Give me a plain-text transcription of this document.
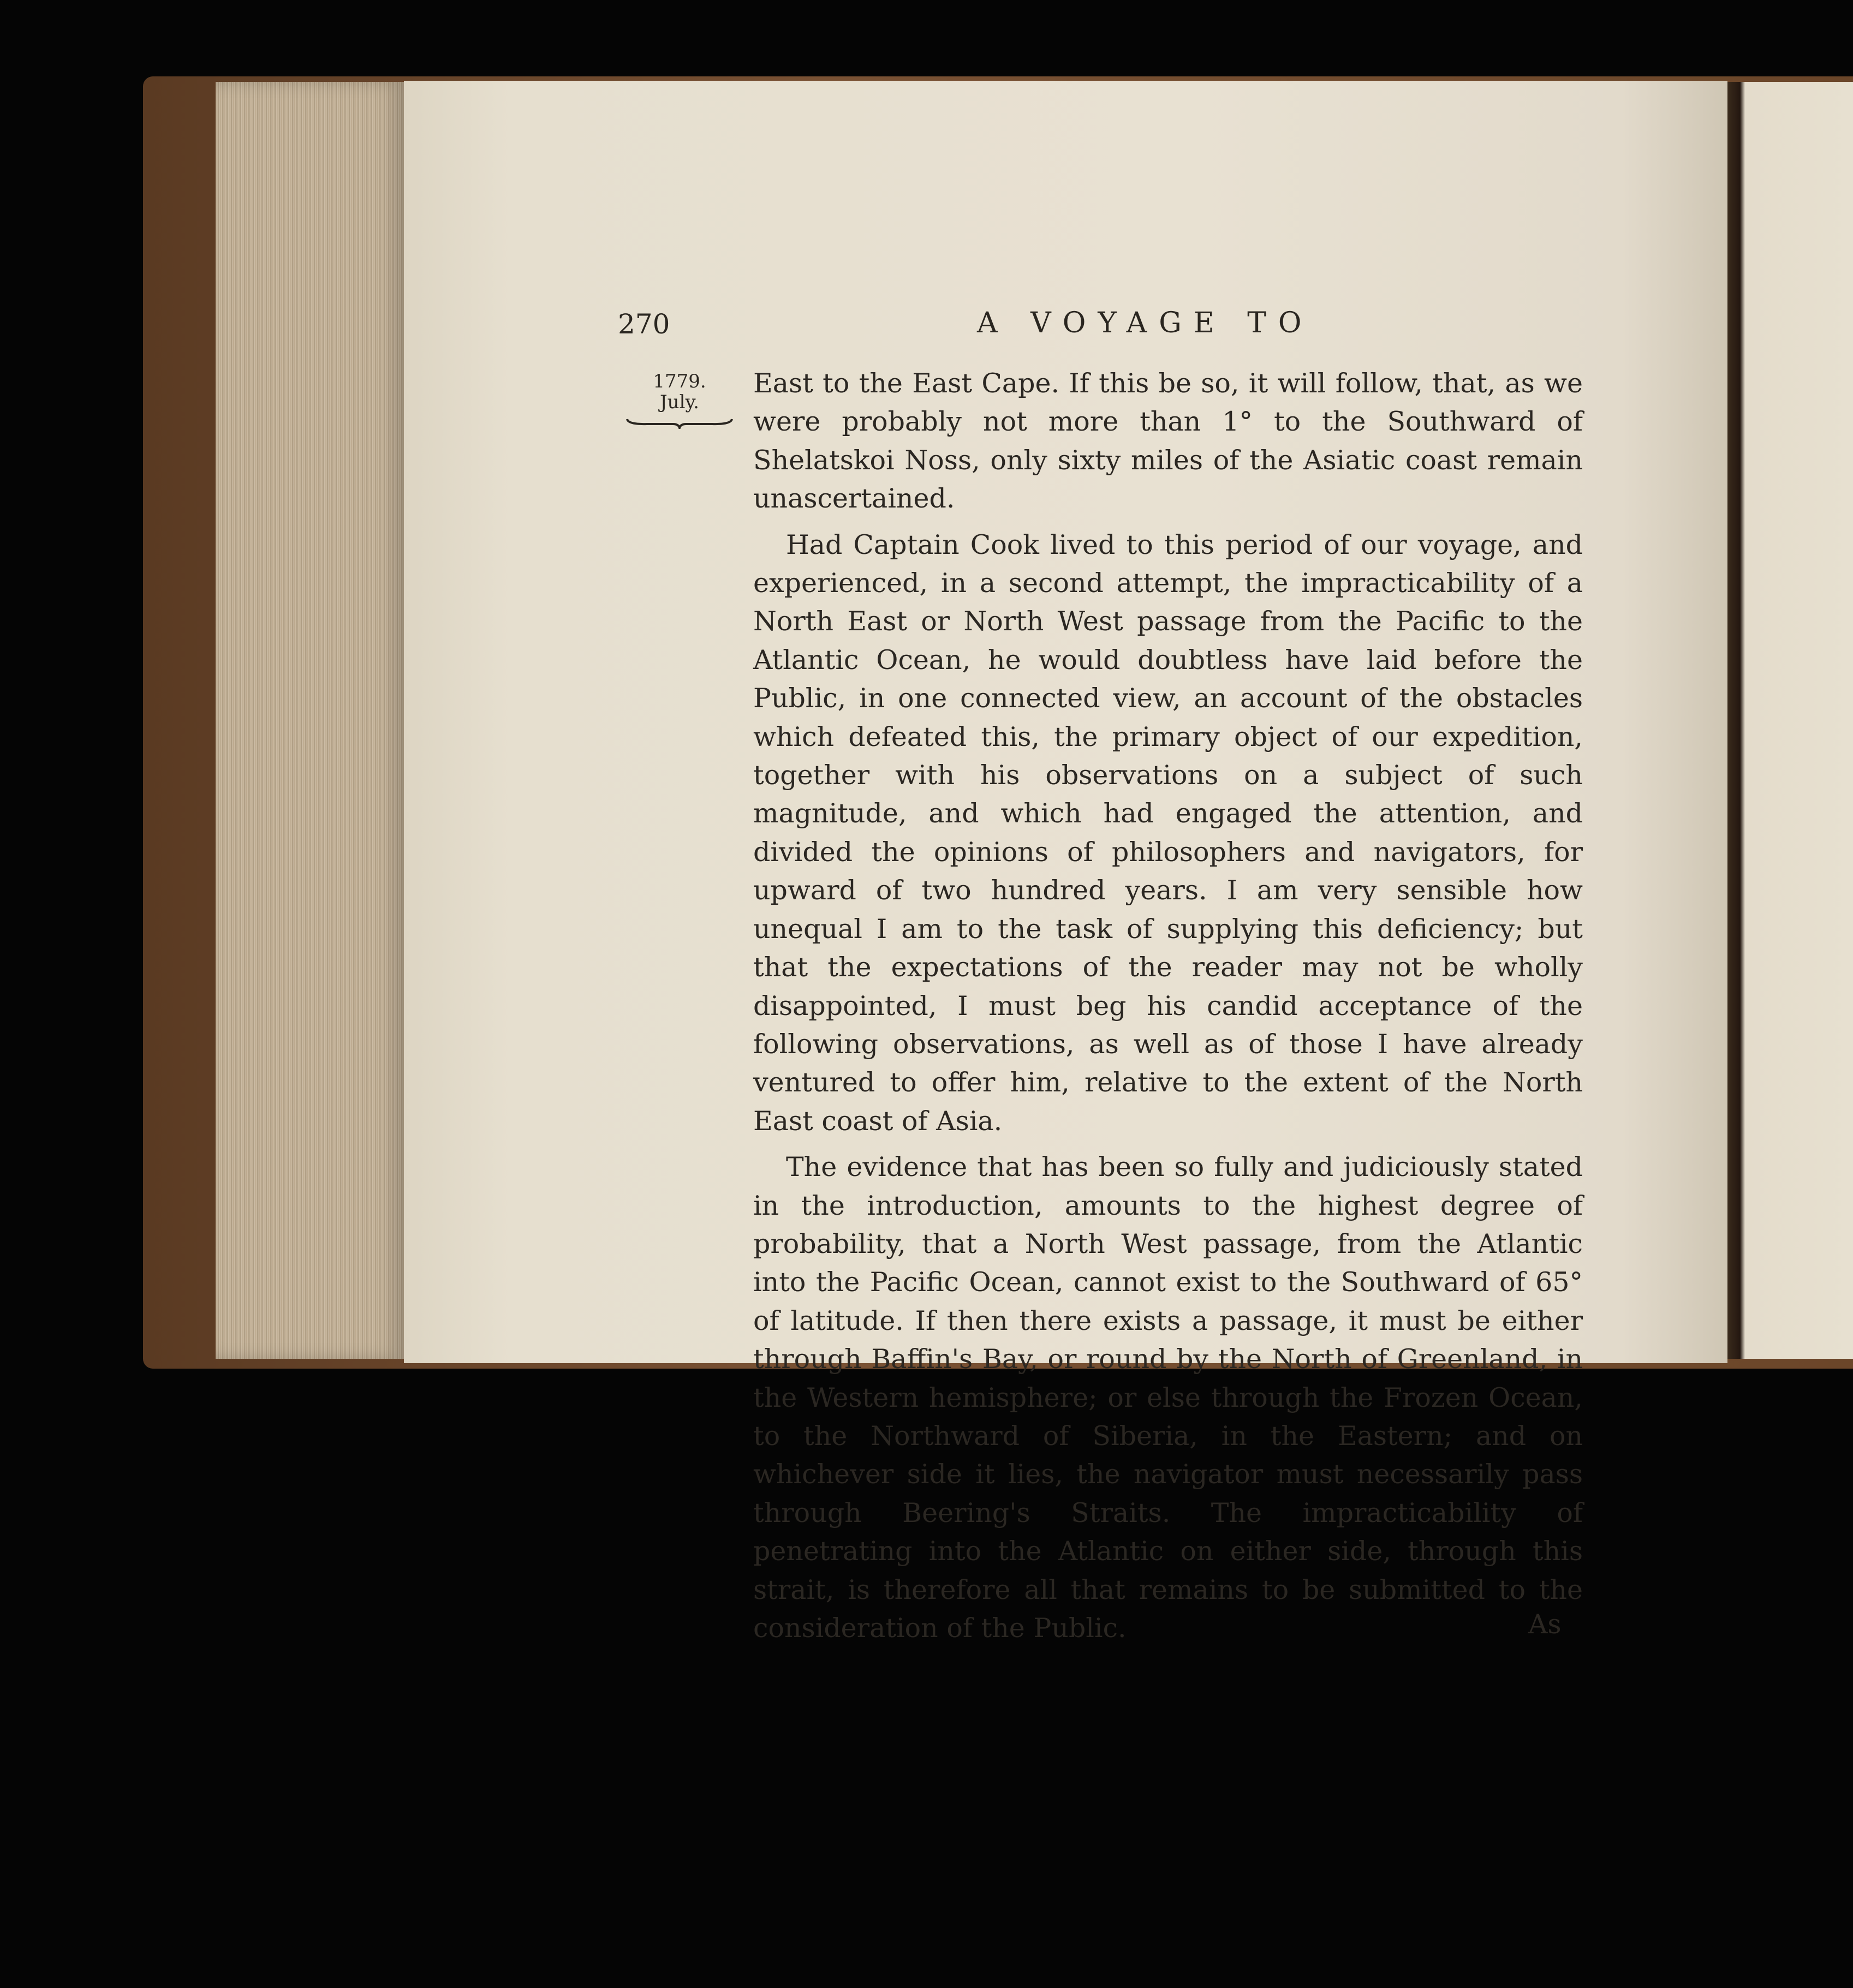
270	A VOYAGE TO
1779.
July.

East to the East Cape. If this be so, it will follow, that, as we were probably not more than 1° to the Southward of Shelatskoi Noss, only sixty miles of the Asiatic coast remain unascertained.

Had Captain Cook lived to this period of our voyage, and experienced, in a second attempt, the impracticability of a North East or North West passage from the Pacific to the Atlantic Ocean, he would doubtless have laid before the Public, in one connected view, an account of the obstacles which defeated this, the primary object of our expedition, together with his observations on a subject of such magnitude, and which had engaged the attention, and divided the opinions of philosophers and navigators, for upward of two hundred years. I am very sensible how unequal I am to the task of supplying this deficiency; but that the expectations of the reader may not be wholly disappointed, I must beg his candid acceptance of the following observations, as well as of those I have already ventured to offer him, relative to the extent of the North East coast of Asia.

The evidence that has been so fully and judiciously stated in the introduction, amounts to the highest degree of probability, that a North West passage, from the Atlantic into the Pacific Ocean, cannot exist to the Southward of 65° of latitude. If then there exists a passage, it must be either through Baffin's Bay, or round by the North of Greenland, in the Western hemisphere; or else through the Frozen Ocean, to the Northward of Siberia, in the Eastern; and on whichever side it lies, the navigator must necessarily pass through Beering's Straits. The impracticability of penetrating into the Atlantic on either side, through this strait, is therefore all that remains to be submitted to the consideration of the Public.	As
